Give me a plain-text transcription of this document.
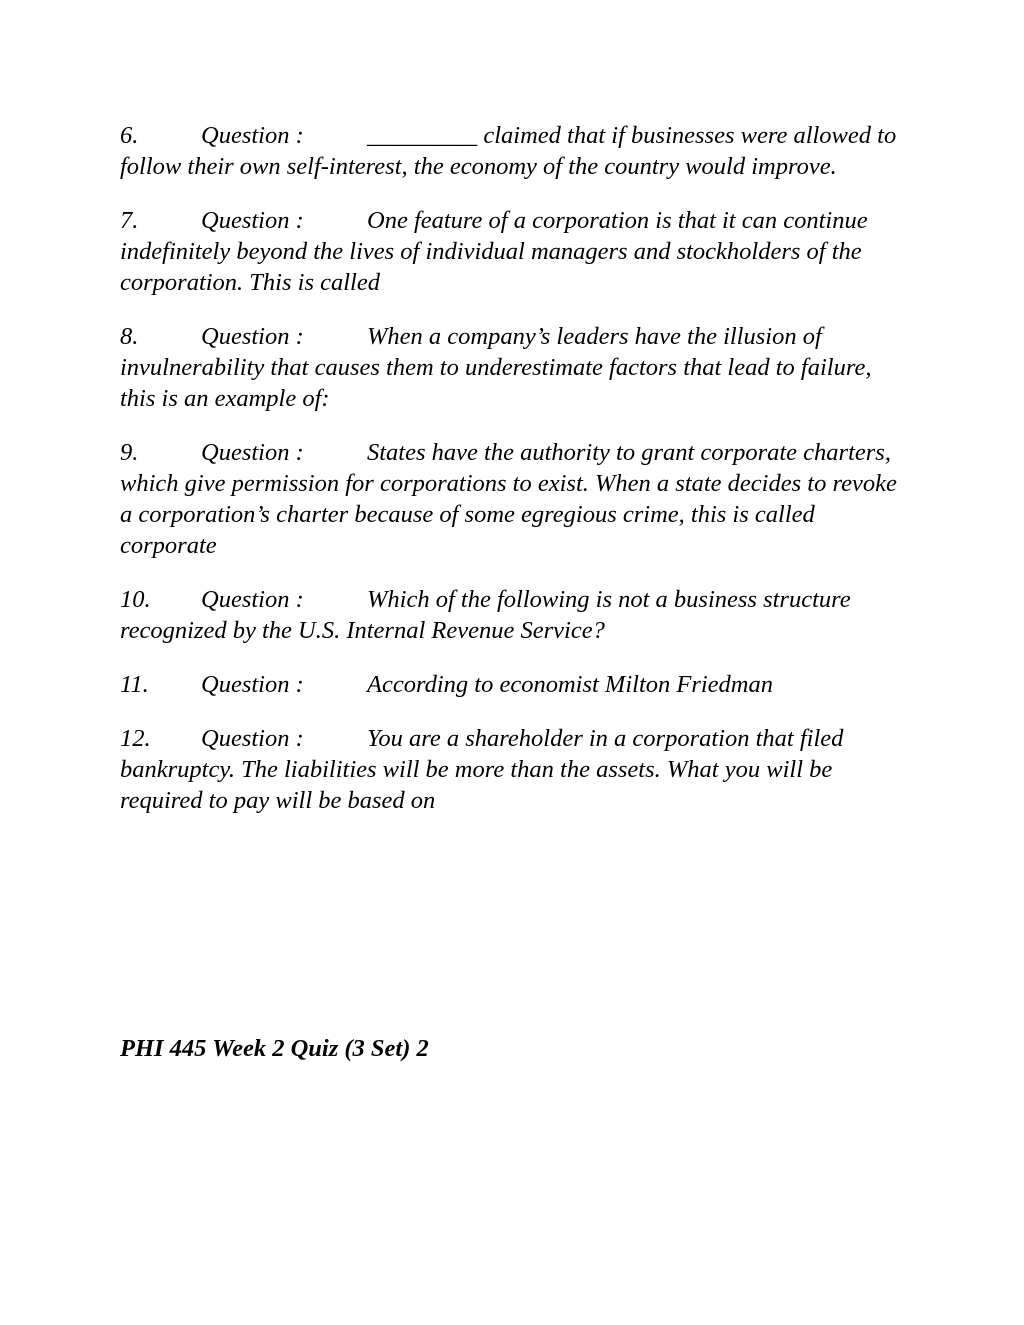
6.	Question :	_________ claimed that if businesses were allowed to follow their own self-interest, the economy of the country would improve.

7.	Question :	One feature of a corporation is that it can continue indefinitely beyond the lives of individual managers and stockholders of the corporation. This is called

8.	Question :	When a company’s leaders have the illusion of invulnerability that causes them to underestimate factors that lead to failure, this is an example of:

9.	Question :	States have the authority to grant corporate charters, which give permission for corporations to exist. When a state decides to revoke a corporation’s charter because of some egregious crime, this is called corporate

10. Question :	Which of the following is not a business structure recognized by the U.S. Internal Revenue Service?

11. Question :	According to economist Milton Friedman

12. Question :	You are a shareholder in a corporation that filed bankruptcy. The liabilities will be more than the assets. What you will be required to pay will be based on

PHI 445 Week 2 Quiz (3 Set) 2
